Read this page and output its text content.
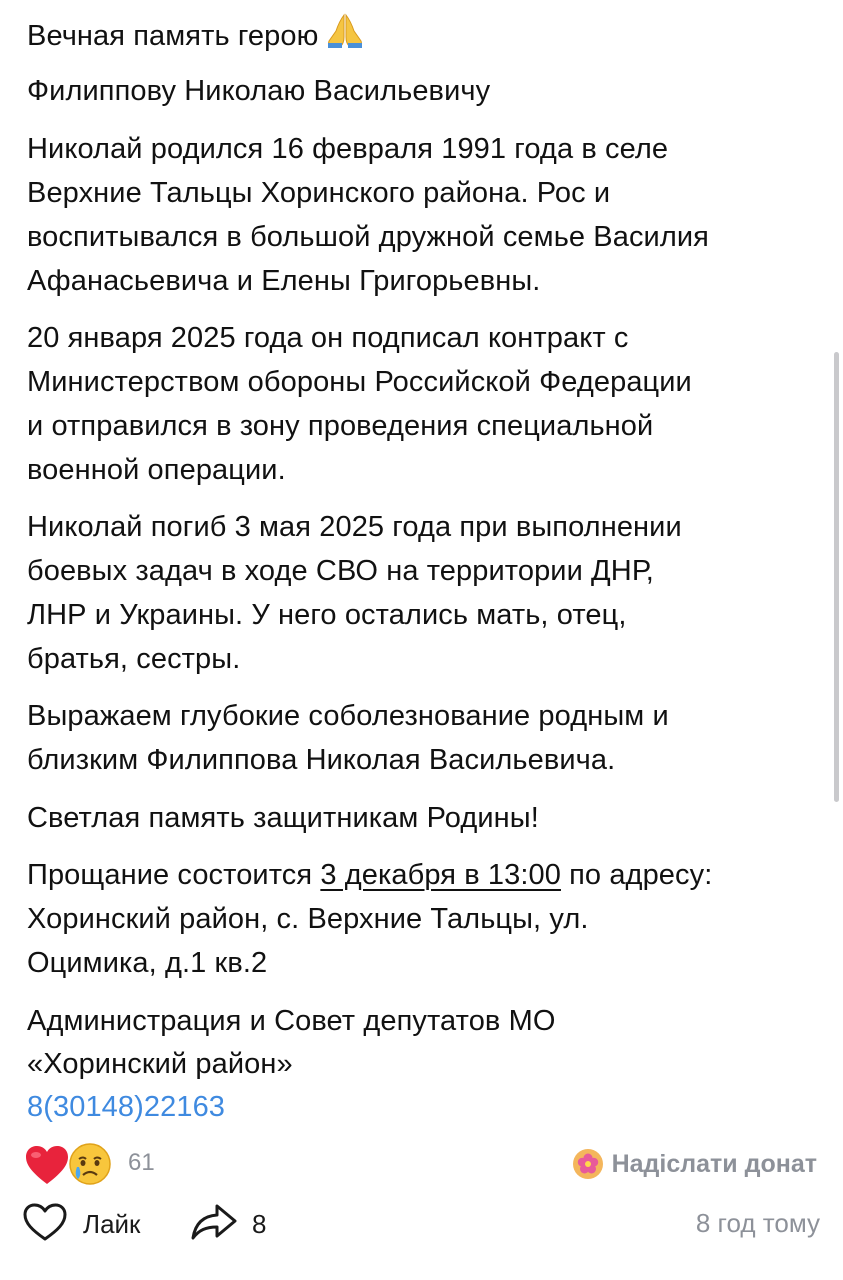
Вечная память герою
Филиппову Николаю Васильевичу
Николай родился 16 февраля 1991 года в селе
Верхние Тальцы Хоринского района. Рос и
воспитывался в большой дружной семье Василия
Афанасьевича и Елены Григорьевны.
20 января 2025 года он подписал контракт с
Министерством обороны Российской Федерации
и отправился в зону проведения специальной
военной операции.
Николай погиб 3 мая 2025 года при выполнении
боевых задач в ходе СВО на территории ДНР,
ЛНР и Украины. У него остались мать, отец,
братья, сестры.
Выражаем глубокие соболезнование родным и
близким Филиппова Николая Васильевича.
Светлая память защитникам Родины!
Прощание состоится 3 декабря в 13:00 по адресу:
Хоринский район, с. Верхние Тальцы, ул.
Оцимика, д.1 кв.2
Администрация и Совет депутатов МО
«Хоринский район»
8(30148)22163
61	Надіслати донат
Лайк	8	8 год тому
